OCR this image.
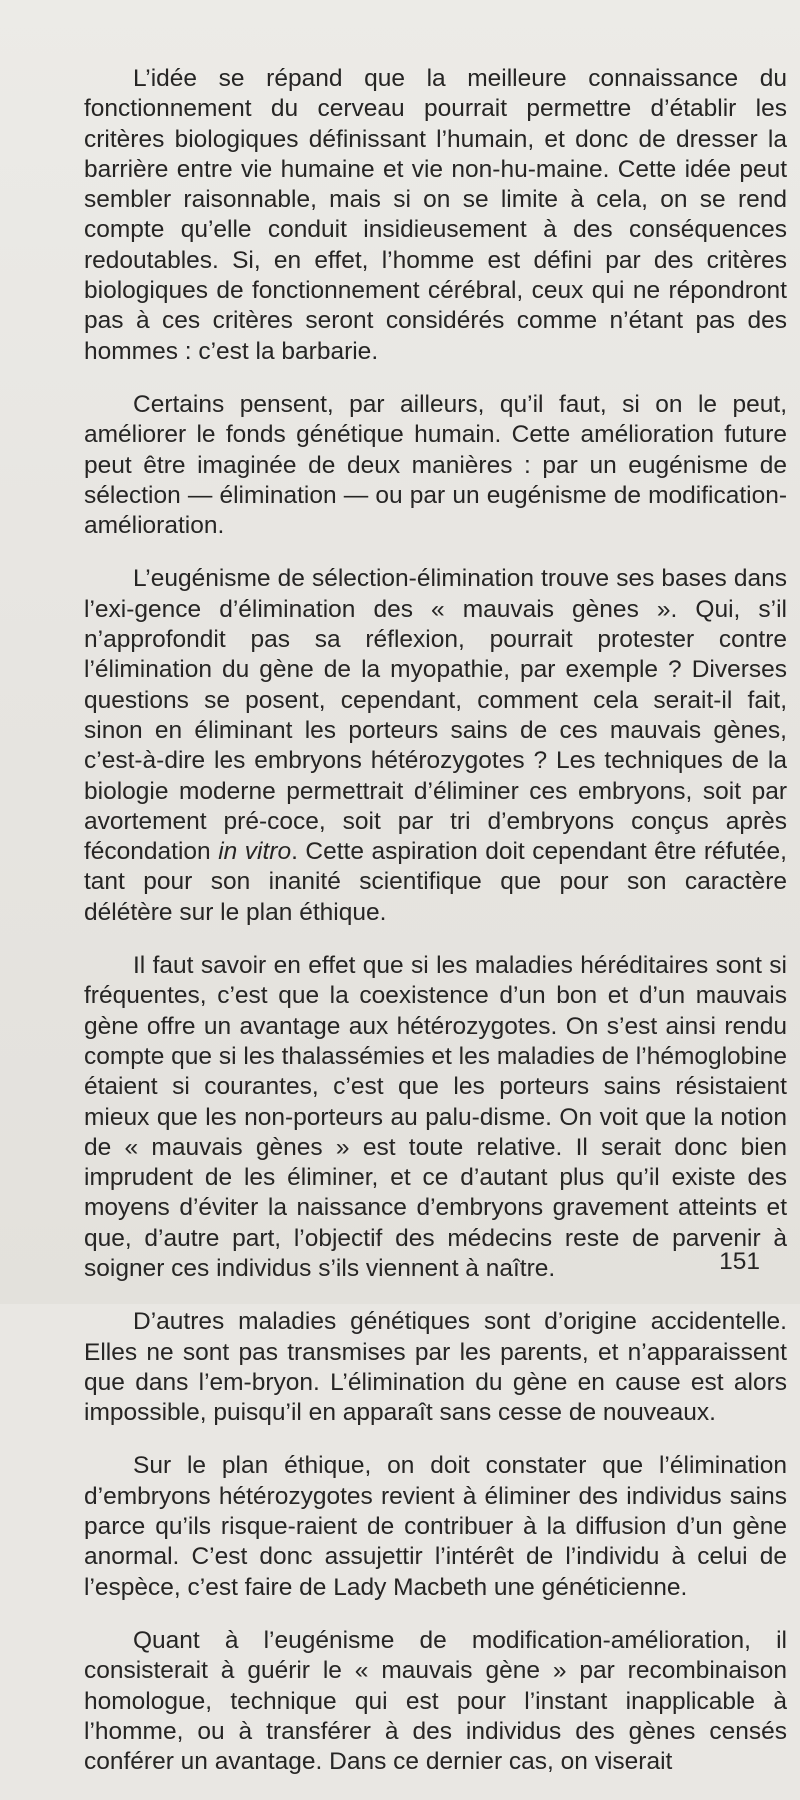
L’idée se répand que la meilleure connaissance du fonctionnement du cerveau pourrait permettre d’établir les critères biologiques définissant l’humain, et donc de dresser la barrière entre vie humaine et vie non-hu-maine. Cette idée peut sembler raisonnable, mais si on se limite à cela, on se rend compte qu’elle conduit insidieusement à des conséquences redoutables. Si, en effet, l’homme est défini par des critères biologiques de fonctionnement cérébral, ceux qui ne répondront pas à ces critères seront considérés comme n’étant pas des hommes : c’est la barbarie.

Certains pensent, par ailleurs, qu’il faut, si on le peut, améliorer le fonds génétique humain. Cette amélioration future peut être imaginée de deux manières : par un eugénisme de sélection — élimination — ou par un eugénisme de modification-amélioration.

L’eugénisme de sélection-élimination trouve ses bases dans l’exi-gence d’élimination des « mauvais gènes ». Qui, s’il n’approfondit pas sa réflexion, pourrait protester contre l’élimination du gène de la myopathie, par exemple ? Diverses questions se posent, cependant, comment cela serait-il fait, sinon en éliminant les porteurs sains de ces mauvais gènes, c’est-à-dire les embryons hétérozygotes ? Les techniques de la biologie moderne permettrait d’éliminer ces embryons, soit par avortement pré-coce, soit par tri d’embryons conçus après fécondation in vitro. Cette aspiration doit cependant être réfutée, tant pour son inanité scientifique que pour son caractère délétère sur le plan éthique.

Il faut savoir en effet que si les maladies héréditaires sont si fréquentes, c’est que la coexistence d’un bon et d’un mauvais gène offre un avantage aux hétérozygotes. On s’est ainsi rendu compte que si les thalassémies et les maladies de l’hémoglobine étaient si courantes, c’est que les porteurs sains résistaient mieux que les non-porteurs au palu-disme. On voit que la notion de « mauvais gènes » est toute relative. Il serait donc bien imprudent de les éliminer, et ce d’autant plus qu’il existe des moyens d’éviter la naissance d’embryons gravement atteints et que, d’autre part, l’objectif des médecins reste de parvenir à soigner ces individus s’ils viennent à naître.

D’autres maladies génétiques sont d’origine accidentelle. Elles ne sont pas transmises par les parents, et n’apparaissent que dans l’em-bryon. L’élimination du gène en cause est alors impossible, puisqu’il en apparaît sans cesse de nouveaux.

Sur le plan éthique, on doit constater que l’élimination d’embryons hétérozygotes revient à éliminer des individus sains parce qu’ils risque-raient de contribuer à la diffusion d’un gène anormal. C’est donc assujettir l’intérêt de l’individu à celui de l’espèce, c’est faire de Lady Macbeth une généticienne.

Quant à l’eugénisme de modification-amélioration, il consisterait à guérir le « mauvais gène » par recombinaison homologue, technique qui est pour l’instant inapplicable à l’homme, ou à transférer à des individus des gènes censés conférer un avantage. Dans ce dernier cas, on viserait

151
